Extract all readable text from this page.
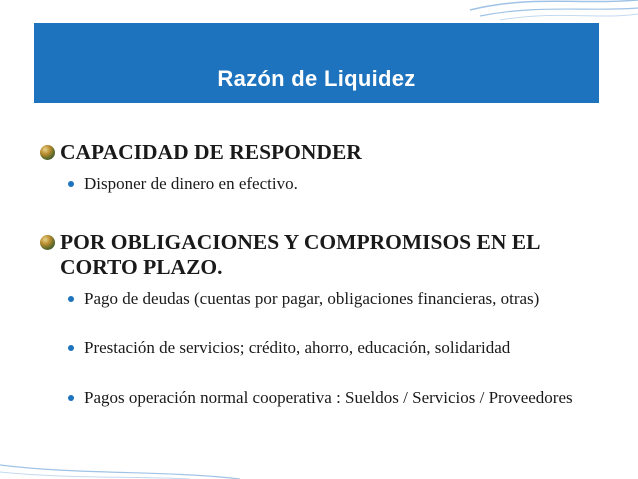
Razón de Liquidez
CAPACIDAD DE RESPONDER
Disponer de dinero en efectivo.
POR OBLIGACIONES Y COMPROMISOS EN EL CORTO PLAZO.
Pago de deudas (cuentas por pagar, obligaciones financieras, otras)
Prestación de servicios; crédito, ahorro, educación, solidaridad
Pagos operación normal cooperativa : Sueldos / Servicios / Proveedores
